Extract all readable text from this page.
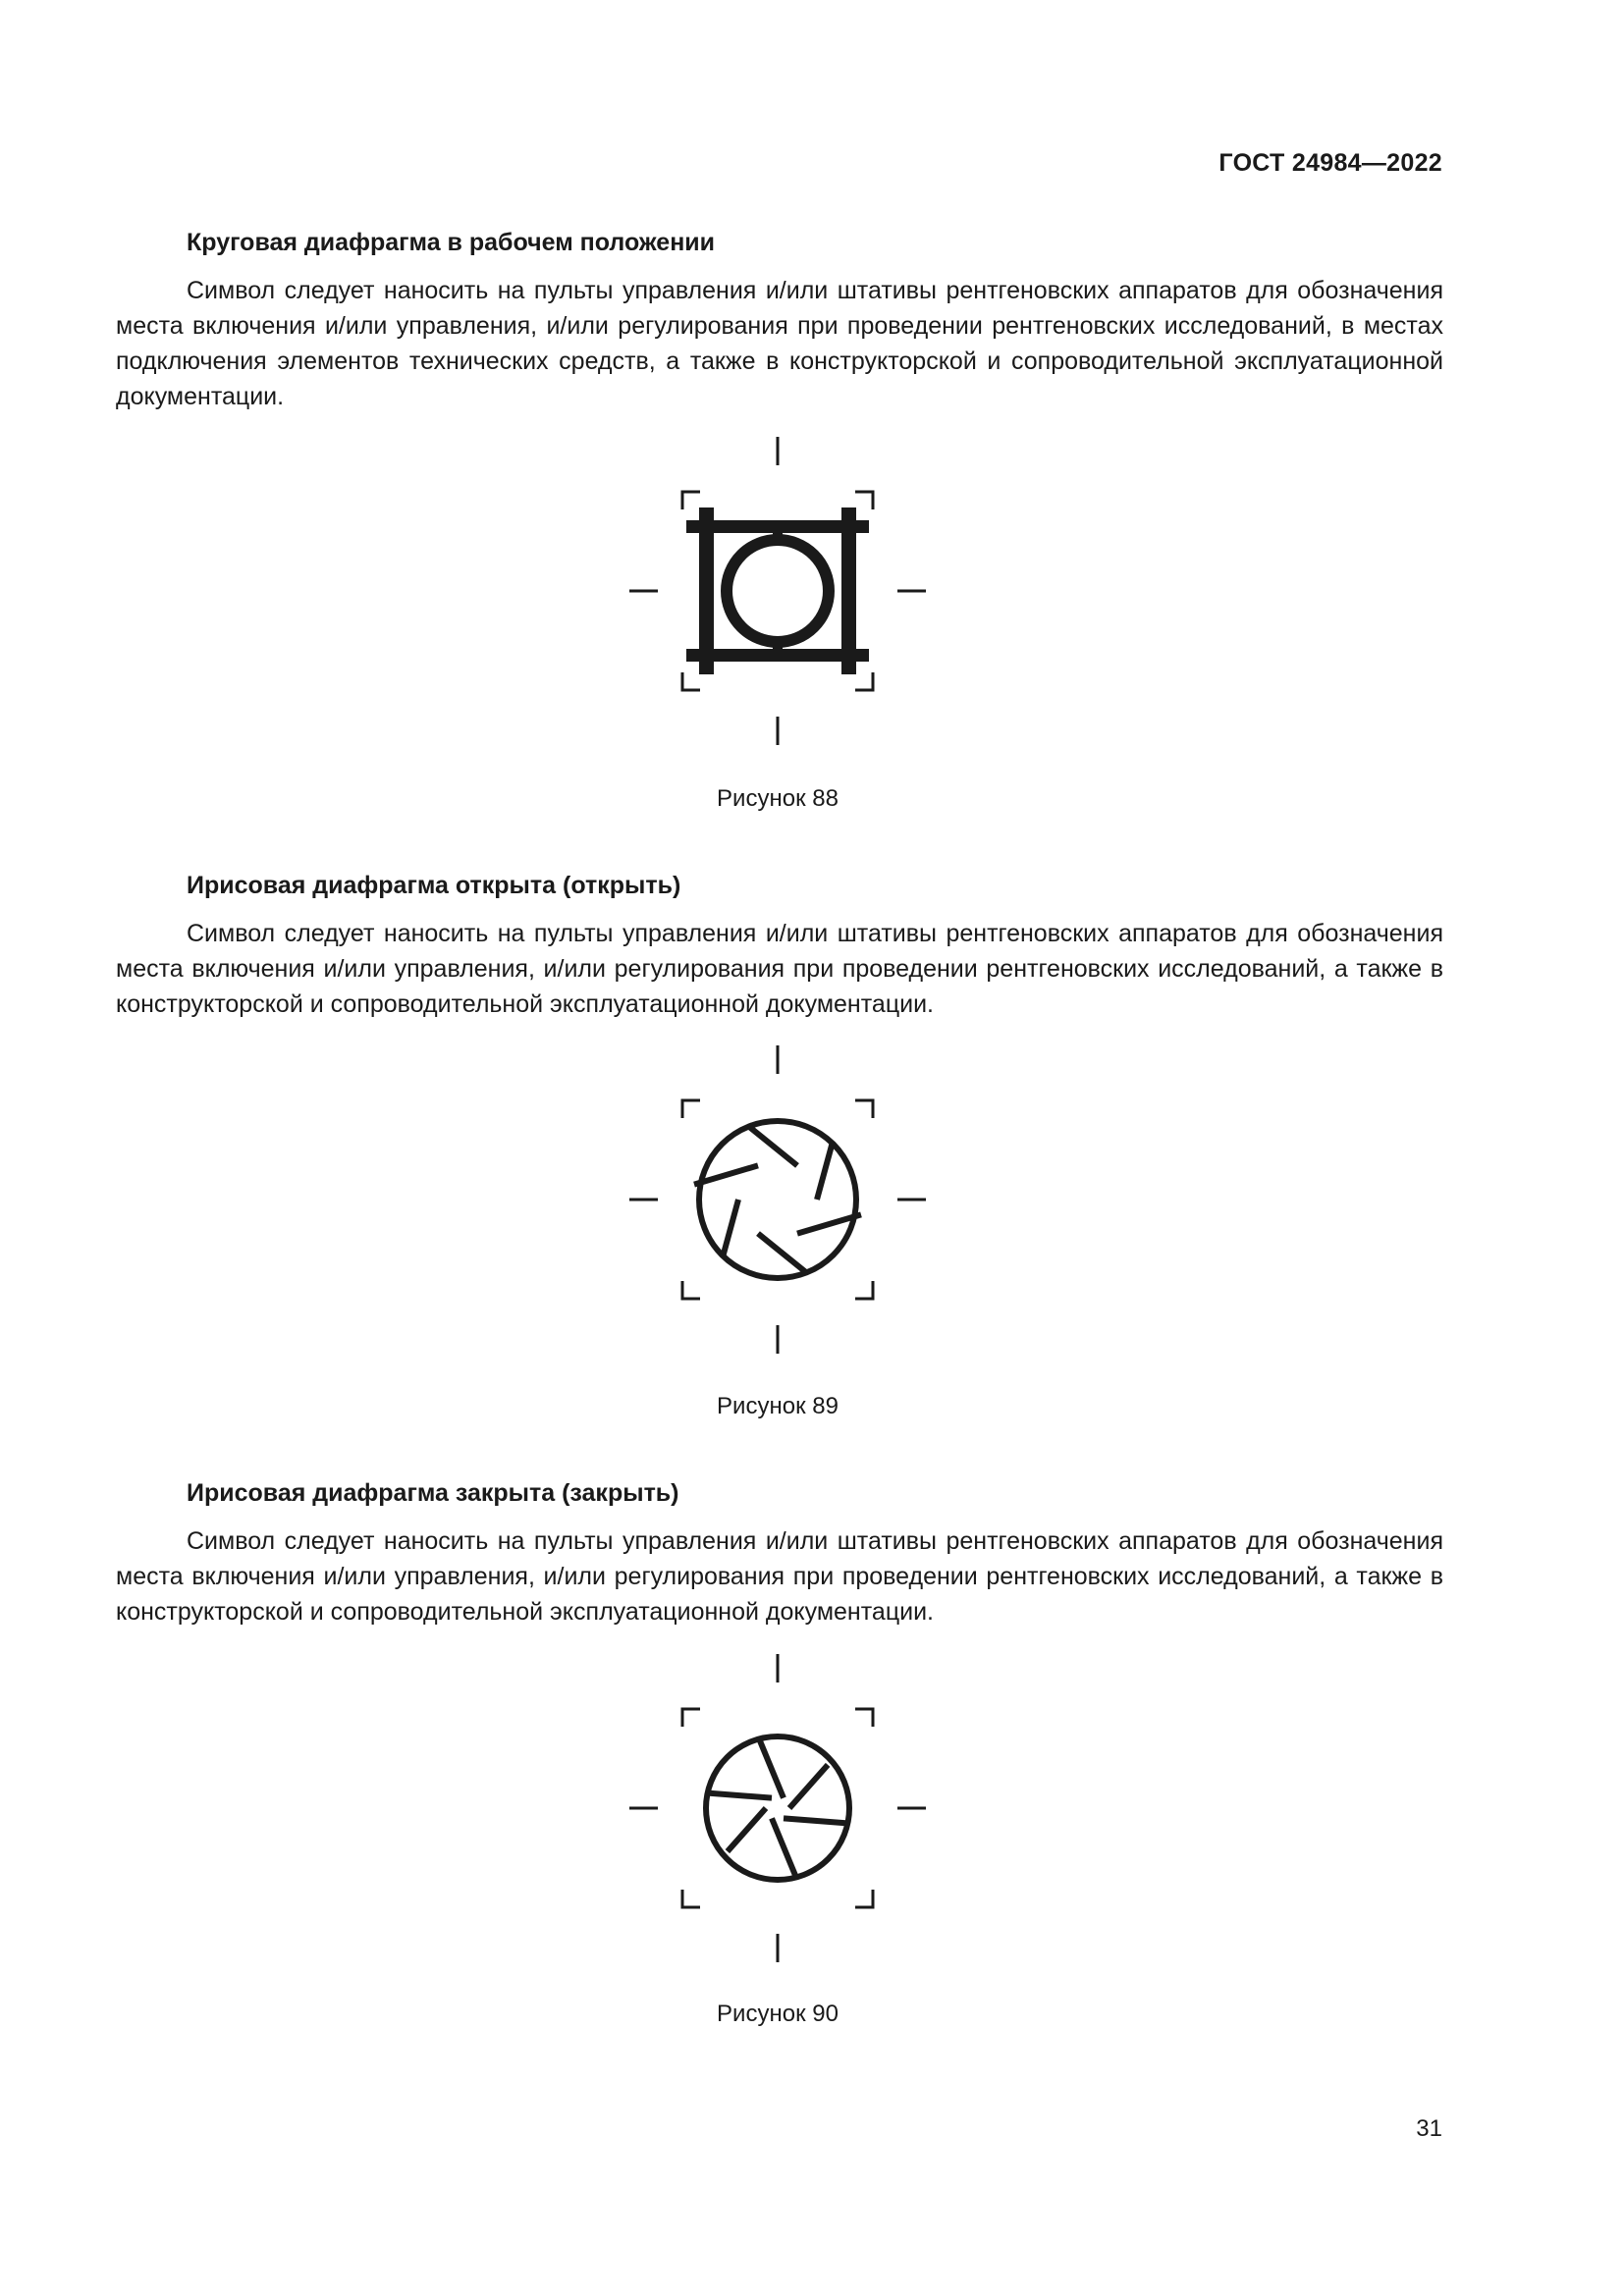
ГОСТ 24984—2022
Круговая диафрагма в рабочем положении

Символ следует наносить на пульты управления и/или штативы рентгеновских аппаратов для обозначения места включения и/или управления, и/или регулирования при проведении рентгеновских исследований, в местах подключения элементов технических средств, а также в конструкторской и сопроводительной эксплуатационной документации.

Рисунок 88
Ирисовая диафрагма открыта (открыть)

Символ следует наносить на пульты управления и/или штативы рентгеновских аппаратов для обозначения места включения и/или управления, и/или регулирования при проведении рентгеновских исследований, а также в конструкторской и сопроводительной эксплуатационной документации.

Рисунок 89
Ирисовая диафрагма закрыта (закрыть)

Символ следует наносить на пульты управления и/или штативы рентгеновских аппаратов для обозначения места включения и/или управления, и/или регулирования при проведении рентгеновских исследований, а также в конструкторской и сопроводительной эксплуатационной документации.

Рисунок 90
31
